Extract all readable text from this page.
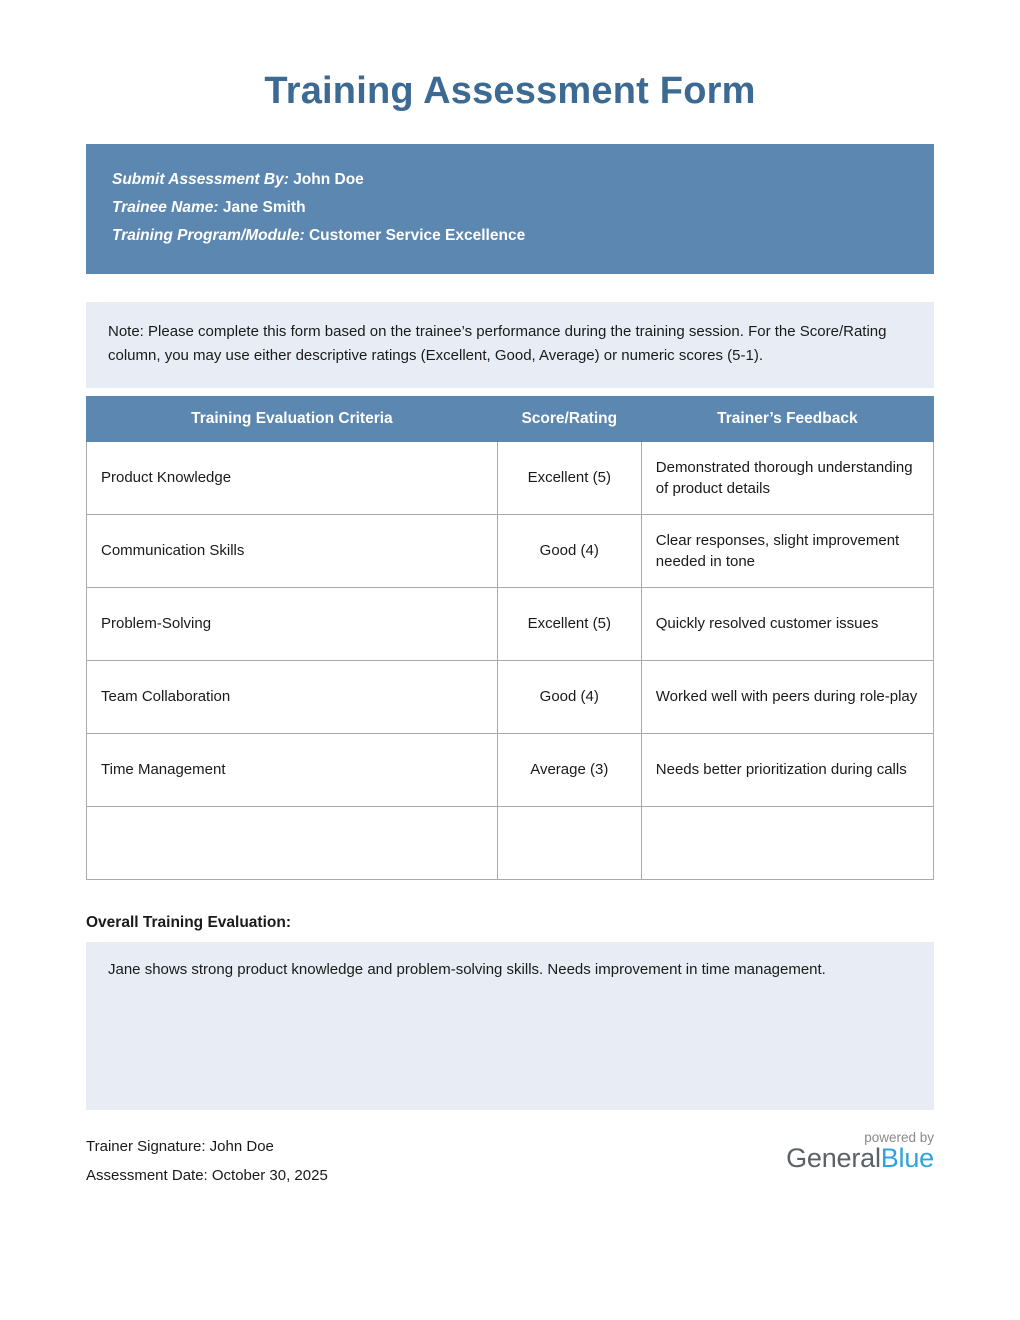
Training Assessment Form
Submit Assessment By: John Doe
Trainee Name: Jane Smith
Training Program/Module: Customer Service Excellence
Note: Please complete this form based on the trainee’s performance during the training session. For the Score/Rating column, you may use either descriptive ratings (Excellent, Good, Average) or numeric scores (5-1).
Training Evaluation Criteria	Score/Rating	Trainer’s Feedback
Product Knowledge	Excellent (5)	Demonstrated thorough understanding of product details
Communication Skills	Good (4)	Clear responses, slight improvement needed in tone
Problem-Solving	Excellent (5)	Quickly resolved customer issues
Team Collaboration	Good (4)	Worked well with peers during role-play
Time Management	Average (3)	Needs better prioritization during calls

Overall Training Evaluation:
Jane shows strong product knowledge and problem-solving skills. Needs improvement in time management.
Trainer Signature: John Doe
Assessment Date: October 30, 2025
powered by
GeneralBlue
